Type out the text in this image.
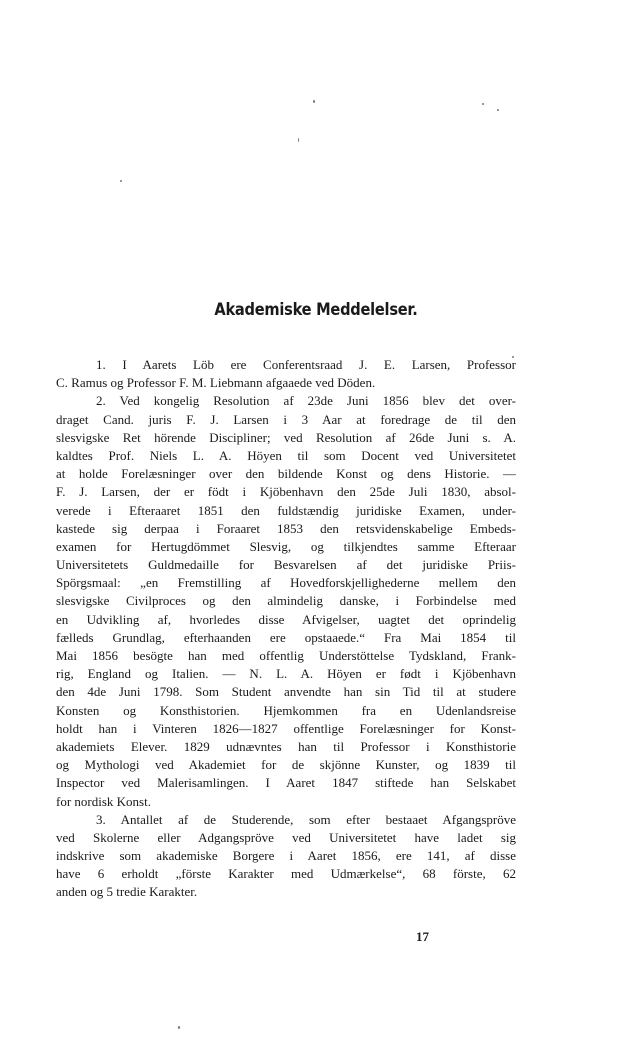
Akademiske Meddelelser.
1. I Aarets Löb ere Conferentsraad J. E. Larsen, Professor
C. Ramus og Professor F. M. Liebmann afgaaede ved Döden.
2. Ved kongelig Resolution af 23de Juni 1856 blev det over-
draget Cand. juris F. J. Larsen i 3 Aar at foredrage de til den
slesvigske Ret hörende Discipliner; ved Resolution af 26de Juni s. A.
kaldtes Prof. Niels L. A. Höyen til som Docent ved Universitetet
at holde Forelæsninger over den bildende Konst og dens Historie. —
F. J. Larsen, der er födt i Kjöbenhavn den 25de Juli 1830, absol-
verede i Efteraaret 1851 den fuldstændig juridiske Examen, under-
kastede sig derpaa i Foraaret 1853 den retsvidenskabelige Embeds-
examen for Hertugdömmet Slesvig, og tilkjendtes samme Efteraar
Universitetets Guldmedaille for Besvarelsen af det juridiske Priis-
Spörgsmaal: „en Fremstilling af Hovedforskjellighederne mellem den
slesvigske Civilproces og den almindelig danske, i Forbindelse med
en Udvikling af, hvorledes disse Afvigelser, uagtet det oprindelig
fælleds Grundlag, efterhaanden ere opstaaede.“ Fra Mai 1854 til
Mai 1856 besögte han med offentlig Understöttelse Tydskland, Frank-
rig, England og Italien. — N. L. A. Höyen er født i Kjöbenhavn
den 4de Juni 1798. Som Student anvendte han sin Tid til at studere
Konsten og Konsthistorien. Hjemkommen fra en Udenlandsreise
holdt han i Vinteren 1826—1827 offentlige Forelæsninger for Konst-
akademiets Elever. 1829 udnævntes han til Professor i Konsthistorie
og Mythologi ved Akademiet for de skjönne Kunster, og 1839 til
Inspector ved Malerisamlingen. I Aaret 1847 stiftede han Selskabet
for nordisk Konst.
3. Antallet af de Studerende, som efter bestaaet Afgangspröve
ved Skolerne eller Adgangspröve ved Universitetet have ladet sig
indskrive som akademiske Borgere i Aaret 1856, ere 141, af disse
have 6 erholdt „förste Karakter med Udmærkelse“, 68 förste, 62
anden og 5 tredie Karakter.
17
